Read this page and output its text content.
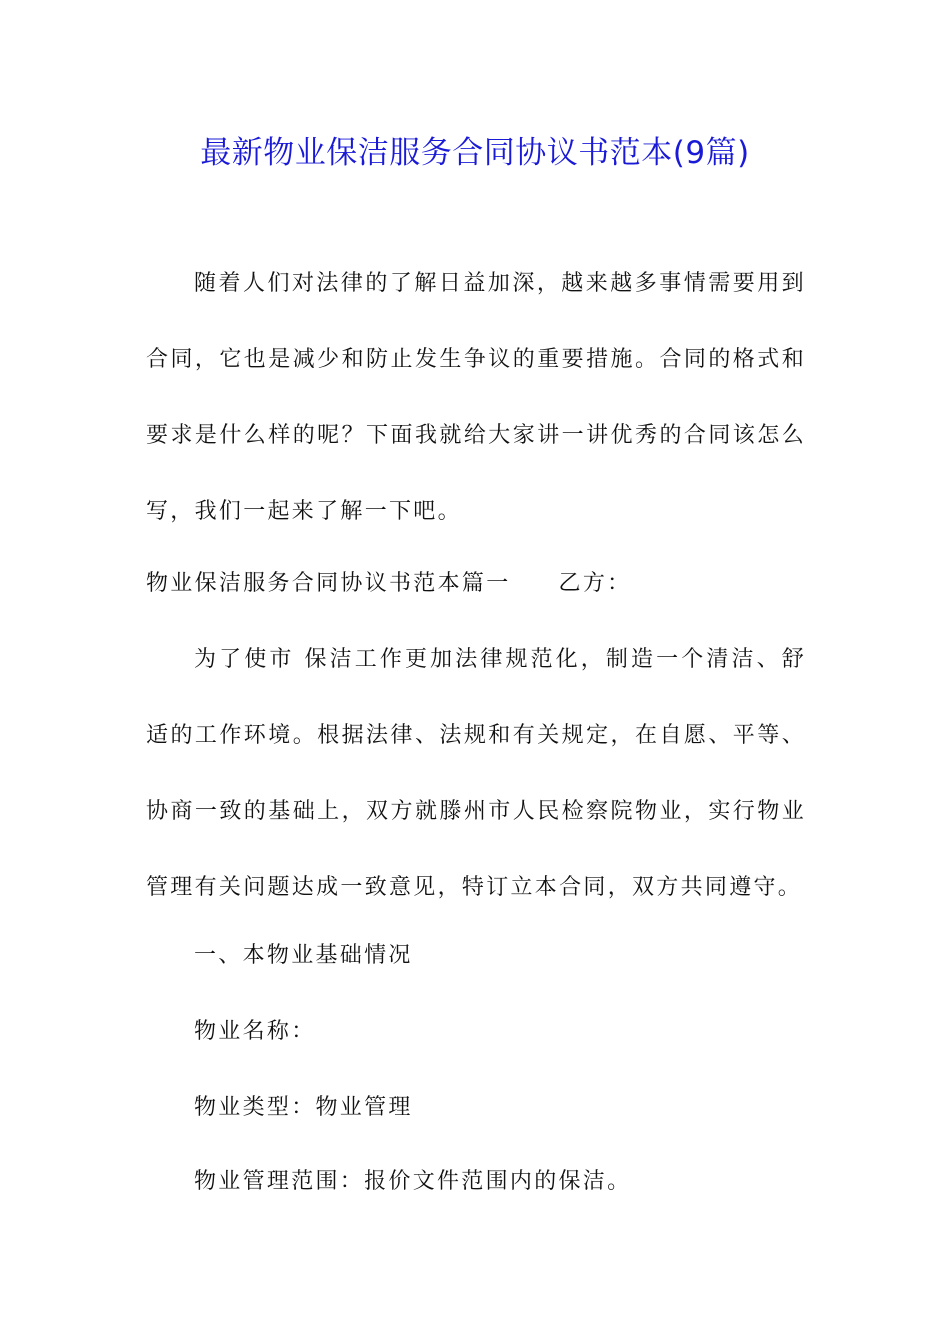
最新物业保洁服务合同协议书范本(9篇)
随着人们对法律的了解日益加深，越来越多事情需要用到合同，它也是减少和防止发生争议的重要措施。合同的格式和要求是什么样的呢？下面我就给大家讲一讲优秀的合同该怎么写，我们一起来了解一下吧。
物业保洁服务合同协议书范本篇一 乙方：
为了使市 保洁工作更加法律规范化，制造一个清洁、舒适的工作环境。根据法律、法规和有关规定，在自愿、平等、协商一致的基础上，双方就滕州市人民检察院物业，实行物业管理有关问题达成一致意见，特订立本合同，双方共同遵守。
一、本物业基础情况
物业名称：
物业类型：物业管理
物业管理范围：报价文件范围内的保洁。
